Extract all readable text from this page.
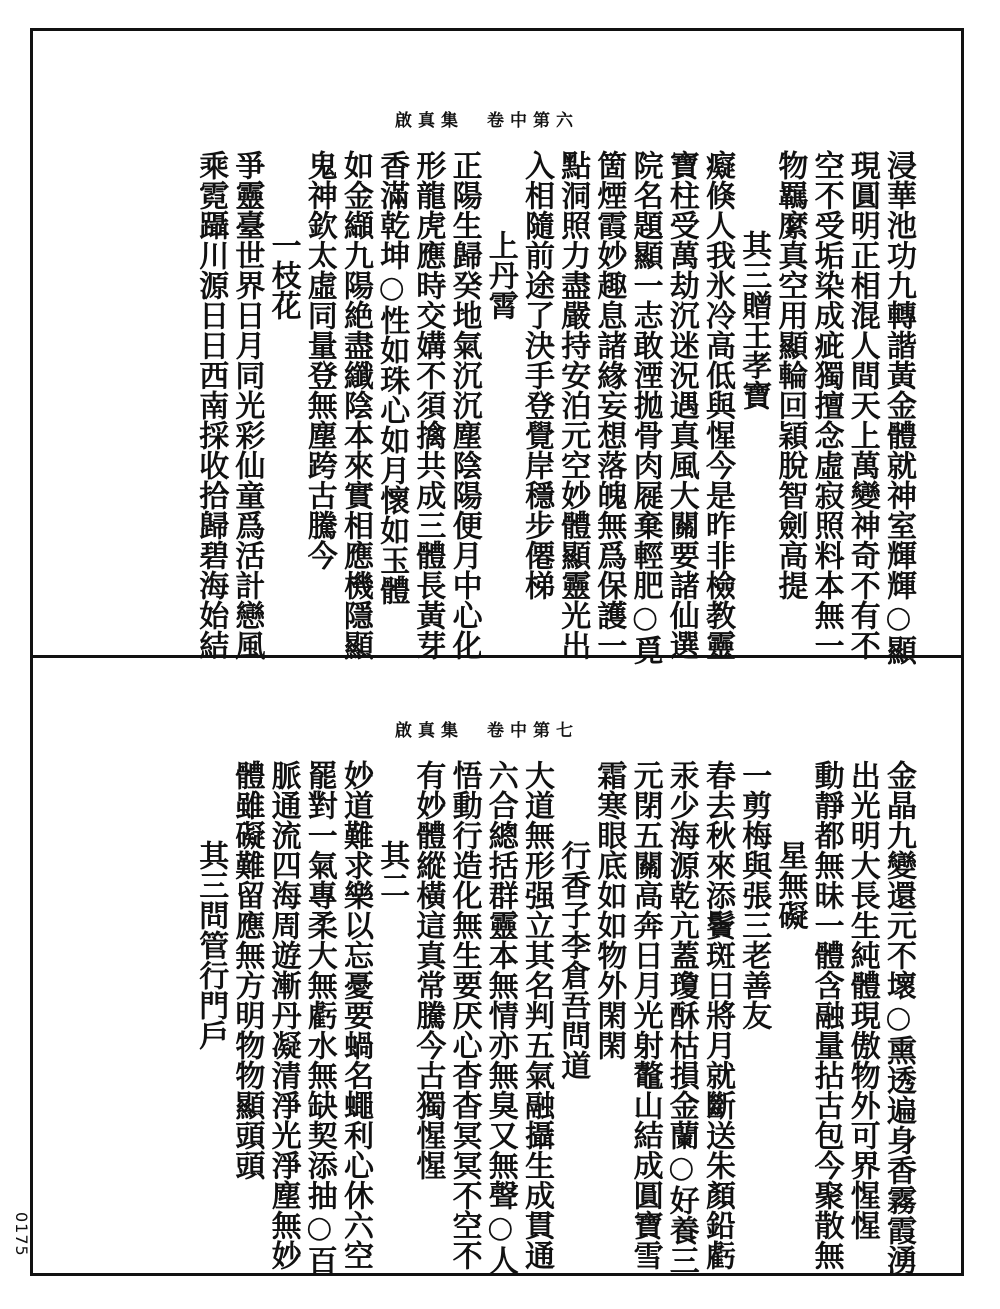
啟真集　卷中第六
啟真集　卷中第七
浸華池功九轉諧黃金體就神室輝輝○顯
現圓明正相混人間天上萬變神奇不有不
空不受垢染成疵獨擅念虛寂照料本無一
物羈縻真空用顯輪回穎脫智劍高提
其三贈王孝寶
癡倏人我氷冷高低與惺今是昨非檢教靈
寶柱受萬劫沉迷況遇真風大關要諸仙選
院名題顯一志敢湮拋骨肉屣棄輕肥○覓
箇煙霞妙趣息諸緣妄想落魄無爲保護一
點洞照力盡嚴持安泊元空妙體顯靈光出
入相隨前途了決手登覺岸穩步僊梯
上丹霄
正陽生歸癸地氣沉沉塵陰陽便月中心化
形龍虎應時交媾不須擒共成三體長黃芽
香滿乾坤○性如珠心如月懷如玉體
如金纈九陽絶盡纖陰本來實相應機隱顯
鬼神欽太虛同量登無塵跨古騰今
一枝花
爭靈臺世界日月同光彩仙童爲活計戀風
乘霓躡川源日日西南採收拾歸碧海始結
金晶九變還元不壞○熏透遍身香霧霞湧
出光明大長生純體現傲物外可界惺惺
動靜都無昧一體含融量拈古包今聚散無
星無礙
一剪梅與張三老善友
春去秋來添鬢斑日將月就斷送朱顏鉛虧
汞少海源乾亢蓋瓊酥枯損金蘭○好養三
元閉五關高奔日月光射鼇山結成圓寶雪
霜寒眼底如如物外閑閑
行香子李倉吾問道
大道無形强立其名判五氣融攝生成貫通
六合總括群靈本無情亦無臭又無聲○人
悟動行造化無生要厌心杳杳冥冥不空不
有妙體縱橫這真常騰今古獨惺惺
其二
妙道難求樂以忘憂要蝸名蠅利心休六空
罷對一氣專柔大無虧水無缺契添抽○百
脈通流四海周遊漸丹凝清淨光淨塵無妙
體雖礙難留應無方明物物顯頭頭
其三問管行門戶
0175
